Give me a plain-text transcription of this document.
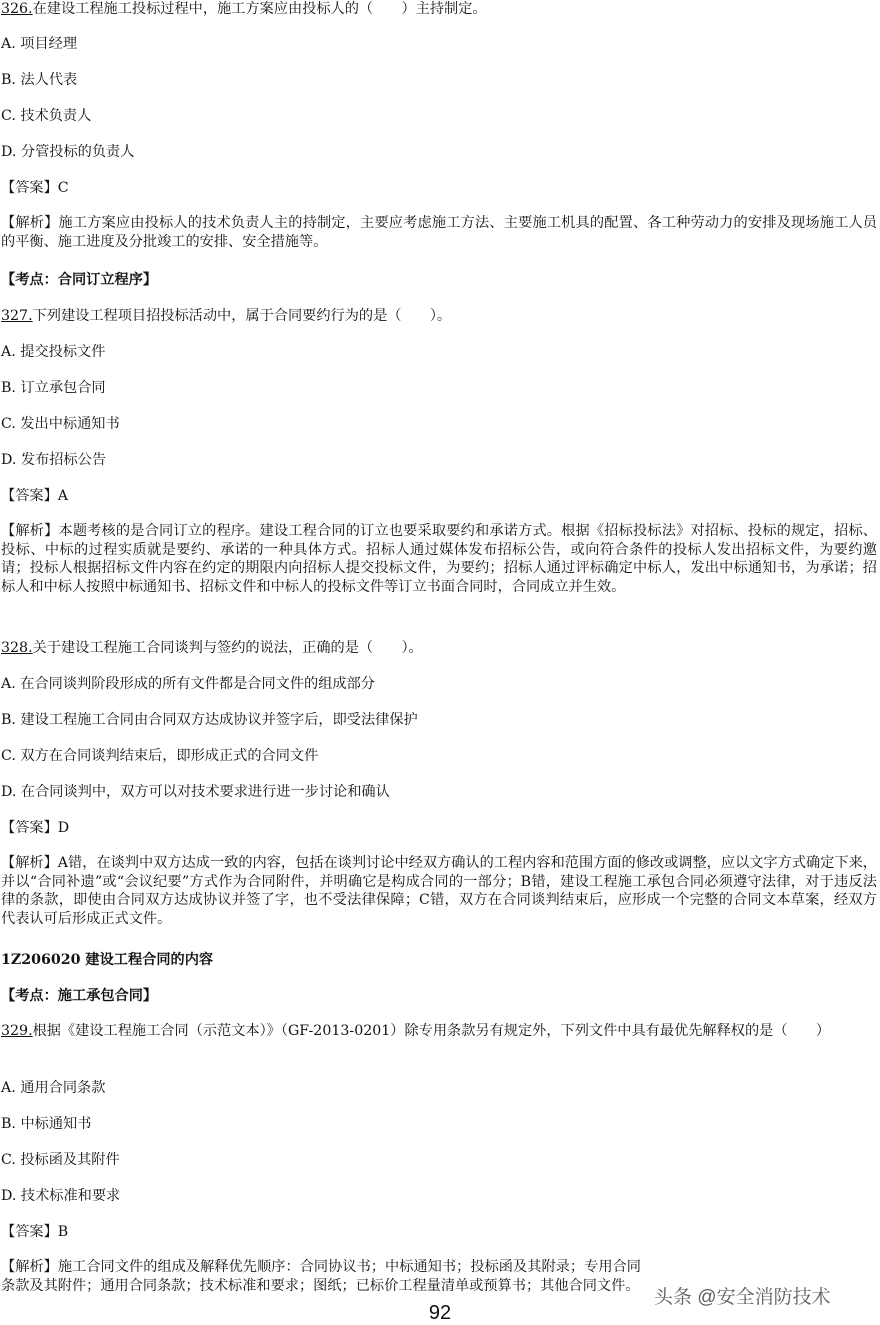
326.在建设工程施工投标过程中，施工方案应由投标人的（　　）主持制定。
A. 项目经理
B. 法人代表
C. 技术负责人
D. 分管投标的负责人
【答案】C
【解析】施工方案应由投标人的技术负责人主的持制定，主要应考虑施工方法、主要施工机具的配置、各工种劳动力的安排及现场施工人员的平衡、施工进度及分批竣工的安排、安全措施等。
【考点：合同订立程序】
327.下列建设工程项目招投标活动中，属于合同要约行为的是（　　）。
A. 提交投标文件
B. 订立承包合同
C. 发出中标通知书
D. 发布招标公告
【答案】A
【解析】本题考核的是合同订立的程序。建设工程合同的订立也要采取要约和承诺方式。根据《招标投标法》对招标、投标的规定，招标、投标、中标的过程实质就是要约、承诺的一种具体方式。招标人通过媒体发布招标公告，或向符合条件的投标人发出招标文件，为要约邀请；投标人根据招标文件内容在约定的期限内向招标人提交投标文件，为要约；招标人通过评标确定中标人，发出中标通知书，为承诺；招标人和中标人按照中标通知书、招标文件和中标人的投标文件等订立书面合同时，合同成立并生效。
328.关于建设工程施工合同谈判与签约的说法，正确的是（　　）。
A. 在合同谈判阶段形成的所有文件都是合同文件的组成部分
B. 建设工程施工合同由合同双方达成协议并签字后，即受法律保护
C. 双方在合同谈判结束后，即形成正式的合同文件
D. 在合同谈判中，双方可以对技术要求进行进一步讨论和确认
【答案】D
【解析】A错，在谈判中双方达成一致的内容，包括在谈判讨论中经双方确认的工程内容和范围方面的修改或调整，应以文字方式确定下来，并以“合同补遗”或“会议纪要”方式作为合同附件，并明确它是构成合同的一部分；B错，建设工程施工承包合同必须遵守法律，对于违反法律的条款，即使由合同双方达成协议并签了字，也不受法律保障；C错，双方在合同谈判结束后，应形成一个完整的合同文本草案，经双方代表认可后形成正式文件。
1Z206020 建设工程合同的内容
【考点：施工承包合同】
329.根据《建设工程施工合同（示范文本）》（GF-2013-0201）除专用条款另有规定外，下列文件中具有最优先解释权的是（　　）
A. 通用合同条款
B. 中标通知书
C. 投标函及其附件
D. 技术标准和要求
【答案】B
【解析】施工合同文件的组成及解释优先顺序：合同协议书；中标通知书；投标函及其附录；专用合同条款及其附件；通用合同条款；技术标准和要求；图纸；已标价工程量清单或预算书；其他合同文件。
92
头条 @安全消防技术
